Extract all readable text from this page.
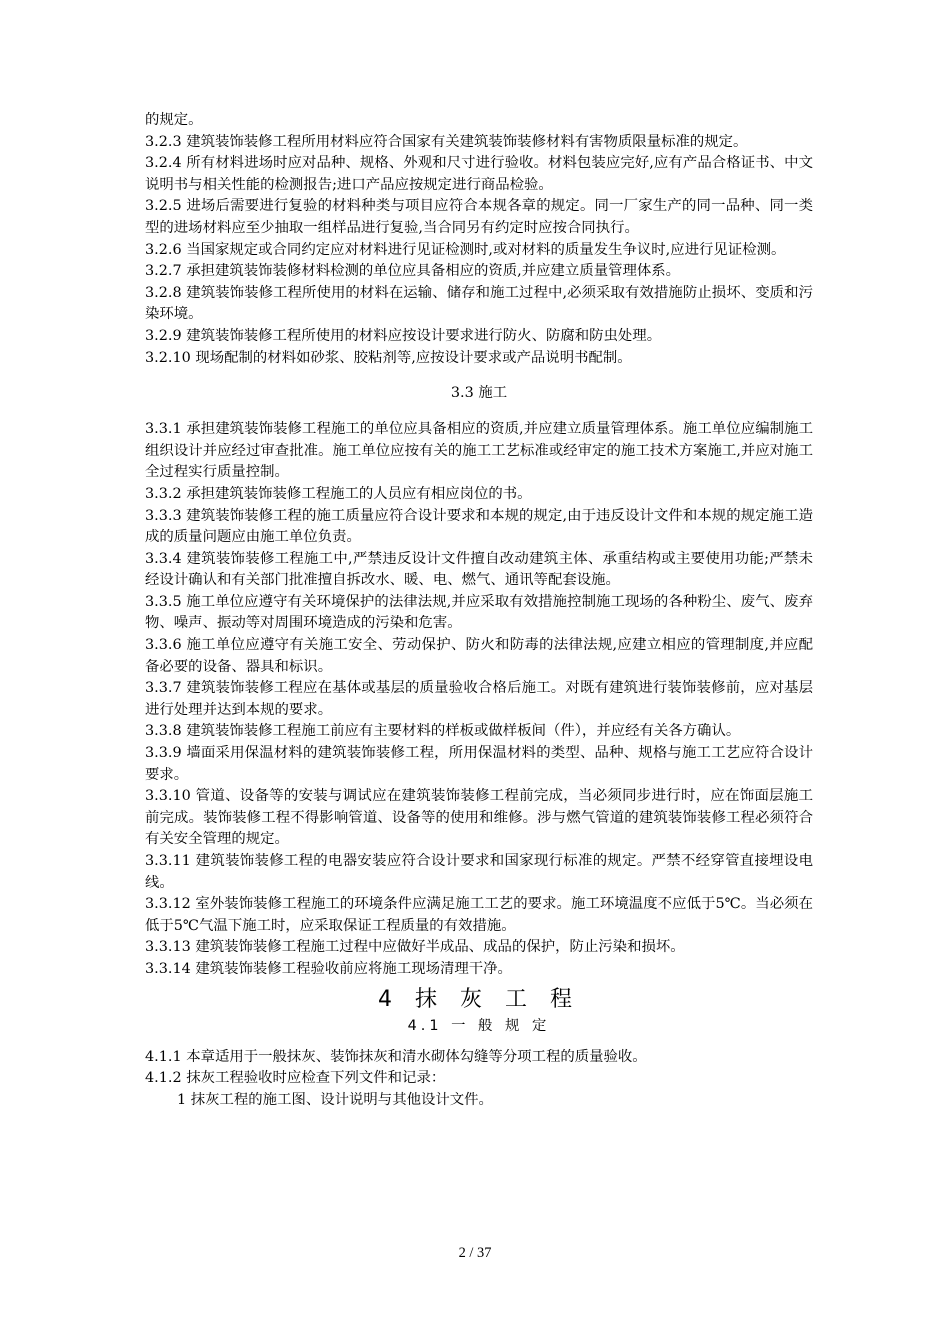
的规定。

3.2.3 建筑装饰装修工程所用材料应符合国家有关建筑装饰装修材料有害物质限量标准的规定。

3.2.4 所有材料进场时应对品种、规格、外观和尺寸进行验收。材料包装应完好,应有产品合格证书、中文说明书与相关性能的检测报告;进口产品应按规定进行商品检验。

3.2.5 进场后需要进行复验的材料种类与项目应符合本规各章的规定。同一厂家生产的同一品种、同一类型的进场材料应至少抽取一组样品进行复验,当合同另有约定时应按合同执行。

3.2.6 当国家规定或合同约定应对材料进行见证检测时,或对材料的质量发生争议时,应进行见证检测。

3.2.7 承担建筑装饰装修材料检测的单位应具备相应的资质,并应建立质量管理体系。

3.2.8 建筑装饰装修工程所使用的材料在运输、储存和施工过程中,必须采取有效措施防止损坏、变质和污染环境。

3.2.9 建筑装饰装修工程所使用的材料应按设计要求进行防火、防腐和防虫处理。

3.2.10 现场配制的材料如砂浆、胶粘剂等,应按设计要求或产品说明书配制。

3.3 施工

3.3.1 承担建筑装饰装修工程施工的单位应具备相应的资质,并应建立质量管理体系。施工单位应编制施工组织设计并应经过审查批准。施工单位应按有关的施工工艺标准或经审定的施工技术方案施工,并应对施工全过程实行质量控制。

3.3.2 承担建筑装饰装修工程施工的人员应有相应岗位的书。

3.3.3 建筑装饰装修工程的施工质量应符合设计要求和本规的规定,由于违反设计文件和本规的规定施工造成的质量问题应由施工单位负责。

3.3.4 建筑装饰装修工程施工中,严禁违反设计文件擅自改动建筑主体、承重结构或主要使用功能;严禁未经设计确认和有关部门批准擅自拆改水、暖、电、燃气、通讯等配套设施。

3.3.5 施工单位应遵守有关环境保护的法律法规,并应采取有效措施控制施工现场的各种粉尘、废气、废弃物、噪声、振动等对周围环境造成的污染和危害。

3.3.6 施工单位应遵守有关施工安全、劳动保护、防火和防毒的法律法规,应建立相应的管理制度,并应配备必要的设备、器具和标识。

3.3.7 建筑装饰装修工程应在基体或基层的质量验收合格后施工。对既有建筑进行装饰装修前，应对基层进行处理并达到本规的要求。

3.3.8 建筑装饰装修工程施工前应有主要材料的样板或做样板间（件），并应经有关各方确认。

3.3.9 墙面采用保温材料的建筑装饰装修工程，所用保温材料的类型、品种、规格与施工工艺应符合设计要求。

3.3.10 管道、设备等的安装与调试应在建筑装饰装修工程前完成，当必须同步进行时，应在饰面层施工前完成。装饰装修工程不得影响管道、设备等的使用和维修。涉与燃气管道的建筑装饰装修工程必须符合有关安全管理的规定。

3.3.11 建筑装饰装修工程的电器安装应符合设计要求和国家现行标准的规定。严禁不经穿管直接埋设电线。

3.3.12 室外装饰装修工程施工的环境条件应满足施工工艺的要求。施工环境温度不应低于5℃。当必须在低于5℃气温下施工时，应采取保证工程质量的有效措施。

3.3.13 建筑装饰装修工程施工过程中应做好半成品、成品的保护，防止污染和损坏。

3.3.14 建筑装饰装修工程验收前应将施工现场清理干净。

4 抹 灰 工 程

4.1 一 般 规 定

4.1.1 本章适用于一般抹灰、装饰抹灰和清水砌体勾缝等分项工程的质量验收。

4.1.2 抹灰工程验收时应检查下列文件和记录：

1 抹灰工程的施工图、设计说明与其他设计文件。

2 / 37
